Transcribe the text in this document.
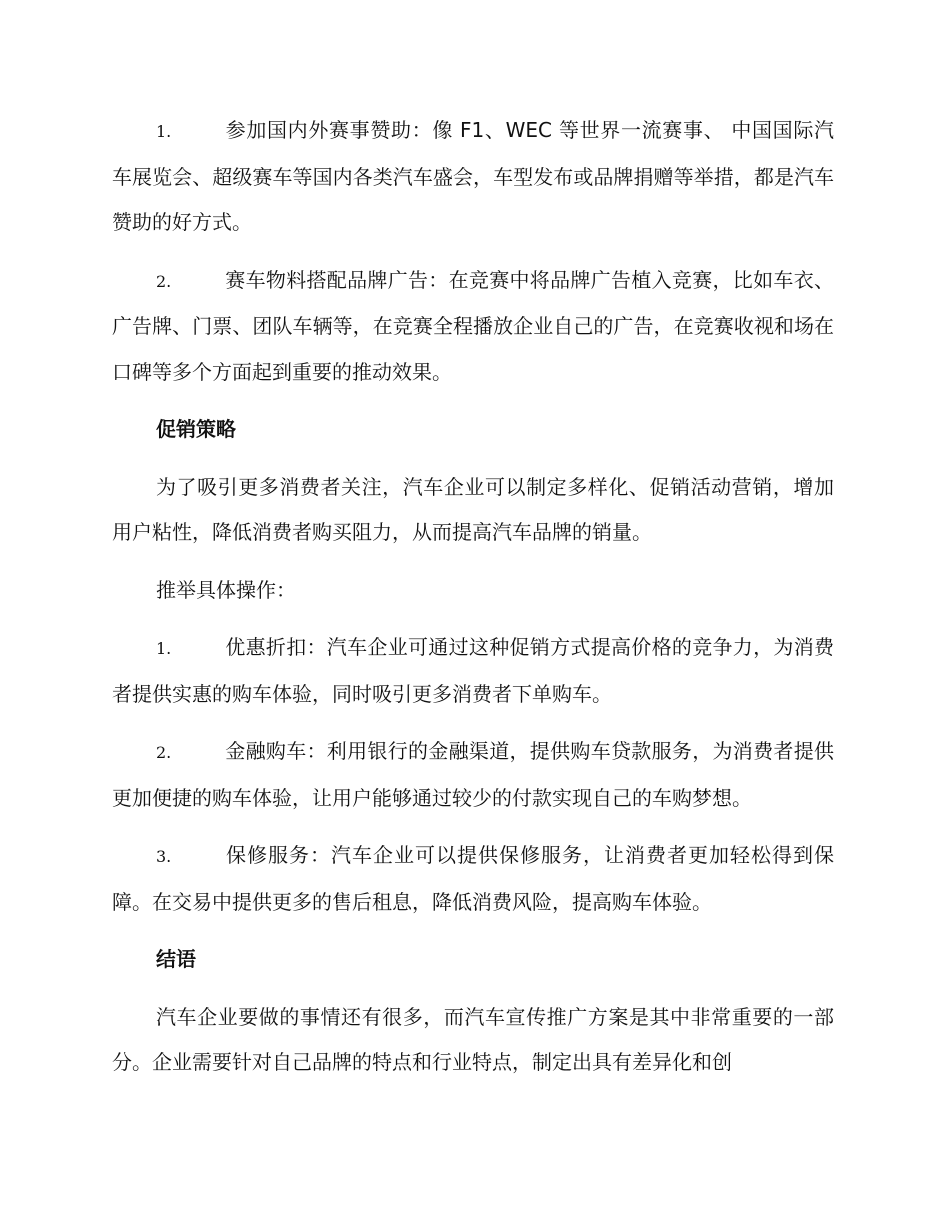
1.	参加国内外赛事赞助：像 F1、WEC 等世界一流赛事、 中国国际汽车展览会、超级赛车等国内各类汽车盛会，车型发布或品牌捐赠等举措，都是汽车赞助的好方式。

2.	赛车物料搭配品牌广告：在竞赛中将品牌广告植入竞赛，比如车衣、广告牌、门票、团队车辆等，在竞赛全程播放企业自己的广告，在竞赛收视和场在口碑等多个方面起到重要的推动效果。

促销策略

为了吸引更多消费者关注，汽车企业可以制定多样化、促销活动营销，增加用户粘性，降低消费者购买阻力，从而提高汽车品牌的销量。

推举具体操作：

1.	优惠折扣：汽车企业可通过这种促销方式提高价格的竞争力，为消费者提供实惠的购车体验，同时吸引更多消费者下单购车。

2.	金融购车：利用银行的金融渠道，提供购车贷款服务，为消费者提供更加便捷的购车体验，让用户能够通过较少的付款实现自己的车购梦想。

3.	保修服务：汽车企业可以提供保修服务，让消费者更加轻松得到保障。在交易中提供更多的售后租息，降低消费风险，提高购车体验。

结语

汽车企业要做的事情还有很多，而汽车宣传推广方案是其中非常重要的一部分。企业需要针对自己品牌的特点和行业特点，制定出具有差异化和创
